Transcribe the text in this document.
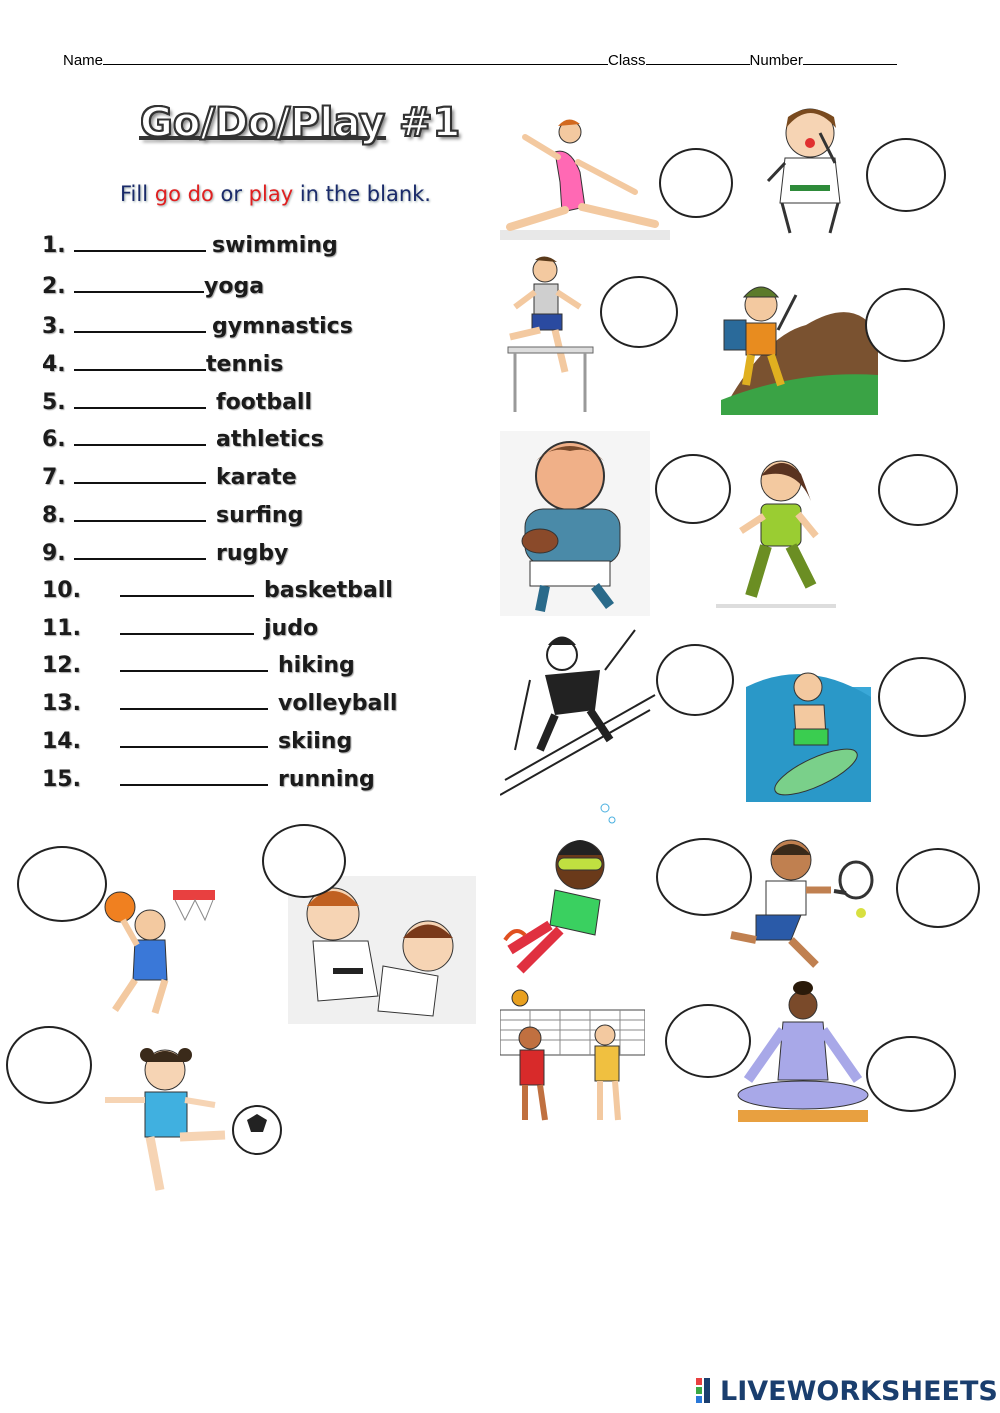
Name	Class	Number
Go/Do/Play #1
Fill go do or play in the blank.
1.	swimming
2.	yoga
3.	gymnastics
4.	tennis
5.	football
6.	athletics
7.	karate
8.	surfing
9.	rugby
10.	basketball
11.	judo
12.	hiking
13.	volleyball
14.	skiing
15.	running
LIVEWORKSHEETS
